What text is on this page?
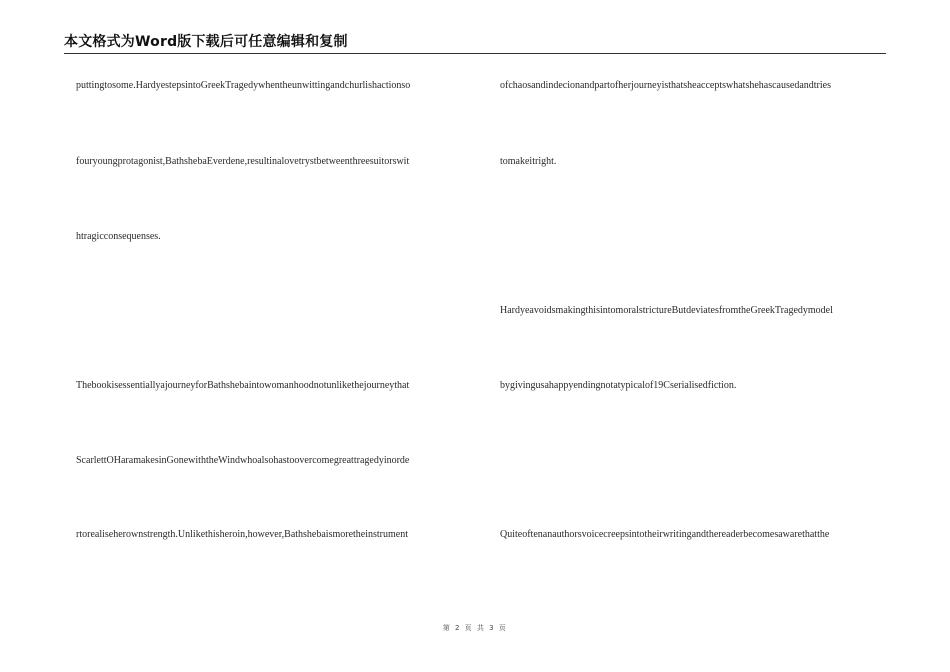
本文格式为Word版下载后可任意编辑和复制
puttingtosome.HardyestepsintoGreekTragedywhentheunwittingandchurlishactionso
fouryoungprotagonist,BathshebaEverdene,resultinalovetrystbetweenthreesuitorswit
htragicconsequenses.
ThebookisessentiallyajourneyforBathshebaintowomanhoodnotunlikethejourneythat
ScarlettOHaramakesinGonewiththeWindwhoalsohastoovercomegreattragedyinorde
rtorealiseherownstrength.Unlikethisheroin,however,Bathshebaismoretheinstrument
ofchaosandindecionandpartofherjourneyisthatsheacceptswhatshehascausedandtries
tomakeitright.
HardyeavoidsmakingthisintomoralstrictureButdeviatesfromtheGreekTragedymodel
bygivingusahappyendingnotatypicalof19Cserialisedfiction.
Quiteoftenanauthorsvoicecreepsintotheirwritingandthereaderbecomesawarethatthe
第 2 页 共 3 页
